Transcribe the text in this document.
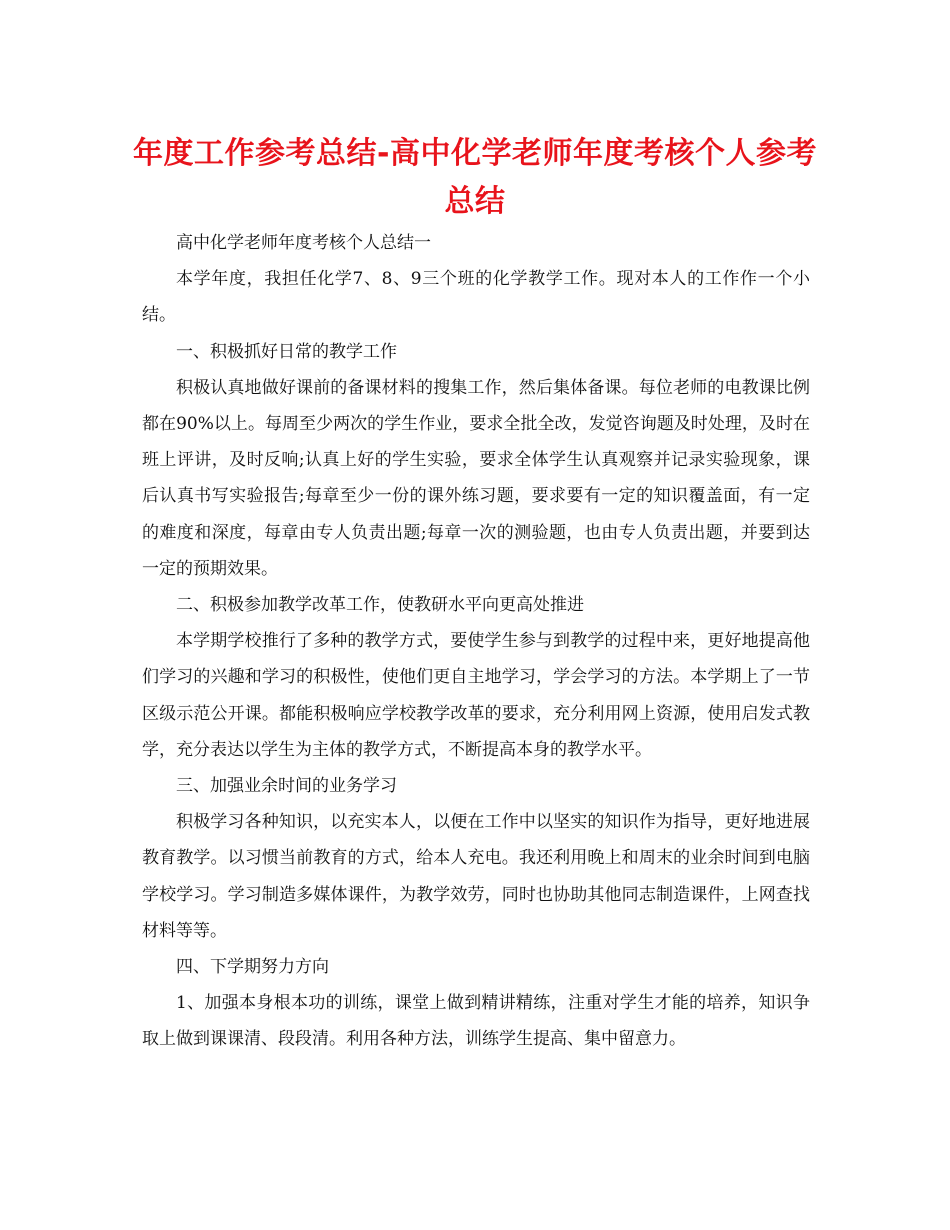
年度工作参考总结-高中化学老师年度考核个人参考总结

高中化学老师年度考核个人总结一

本学年度，我担任化学7、8、9三个班的化学教学工作。现对本人的工作作一个小结。

一、积极抓好日常的教学工作

积极认真地做好课前的备课材料的搜集工作，然后集体备课。每位老师的电教课比例都在90%以上。每周至少两次的学生作业，要求全批全改，发觉咨询题及时处理，及时在班上评讲，及时反响;认真上好的学生实验，要求全体学生认真观察并记录实验现象，课后认真书写实验报告;每章至少一份的课外练习题，要求要有一定的知识覆盖面，有一定的难度和深度，每章由专人负责出题;每章一次的测验题，也由专人负责出题，并要到达一定的预期效果。

二、积极参加教学改革工作，使教研水平向更高处推进

本学期学校推行了多种的教学方式，要使学生参与到教学的过程中来，更好地提高他们学习的兴趣和学习的积极性，使他们更自主地学习，学会学习的方法。本学期上了一节区级示范公开课。都能积极响应学校教学改革的要求，充分利用网上资源，使用启发式教学，充分表达以学生为主体的教学方式，不断提高本身的教学水平。

三、加强业余时间的业务学习

积极学习各种知识，以充实本人，以便在工作中以坚实的知识作为指导，更好地进展教育教学。以习惯当前教育的方式，给本人充电。我还利用晚上和周末的业余时间到电脑学校学习。学习制造多媒体课件，为教学效劳，同时也协助其他同志制造课件，上网查找材料等等。

四、下学期努力方向

1、加强本身根本功的训练，课堂上做到精讲精练，注重对学生才能的培养，知识争取上做到课课清、段段清。利用各种方法，训练学生提高、集中留意力。
